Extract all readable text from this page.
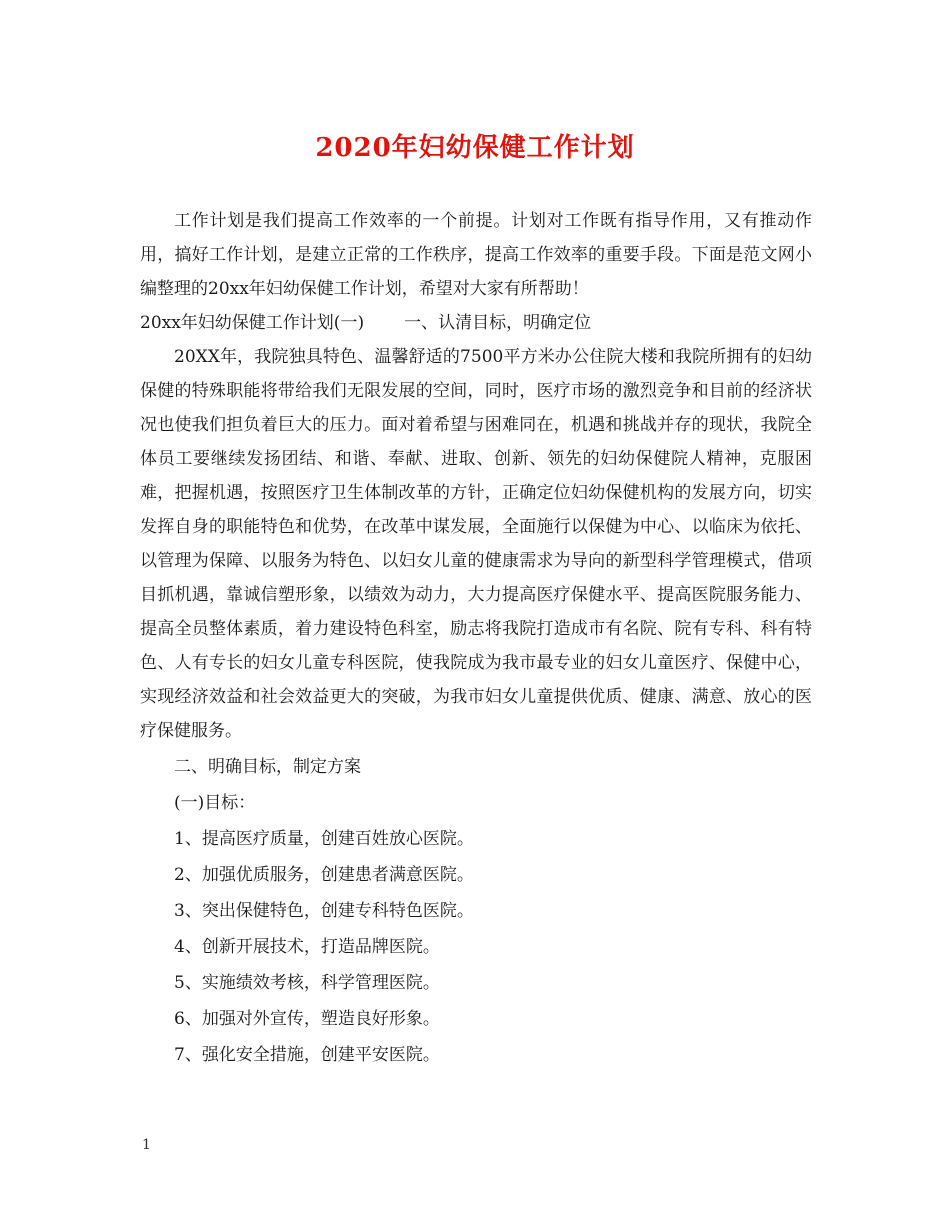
2020年妇幼保健工作计划

工作计划是我们提高工作效率的一个前提。计划对工作既有指导作用，又有推动作用，搞好工作计划，是建立正常的工作秩序，提高工作效率的重要手段。下面是范文网小编整理的20xx年妇幼保健工作计划，希望对大家有所帮助！

20xx年妇幼保健工作计划(一) 一、认清目标，明确定位

20XX年，我院独具特色、温馨舒适的7500平方米办公住院大楼和我院所拥有的妇幼保健的特殊职能将带给我们无限发展的空间，同时，医疗市场的激烈竞争和目前的经济状况也使我们担负着巨大的压力。面对着希望与困难同在，机遇和挑战并存的现状，我院全体员工要继续发扬团结、和谐、奉献、进取、创新、领先的妇幼保健院人精神，克服困难，把握机遇，按照医疗卫生体制改革的方针，正确定位妇幼保健机构的发展方向，切实发挥自身的职能特色和优势，在改革中谋发展，全面施行以保健为中心、以临床为依托、以管理为保障、以服务为特色、以妇女儿童的健康需求为导向的新型科学管理模式，借项目抓机遇，靠诚信塑形象，以绩效为动力，大力提高医疗保健水平、提高医院服务能力、提高全员整体素质，着力建设特色科室，励志将我院打造成市有名院、院有专科、科有特色、人有专长的妇女儿童专科医院，使我院成为我市最专业的妇女儿童医疗、保健中心，实现经济效益和社会效益更大的突破，为我市妇女儿童提供优质、健康、满意、放心的医疗保健服务。

二、明确目标，制定方案

(一)目标：

1、提高医疗质量，创建百姓放心医院。

2、加强优质服务，创建患者满意医院。

3、突出保健特色，创建专科特色医院。

4、创新开展技术，打造品牌医院。

5、实施绩效考核，科学管理医院。

6、加强对外宣传，塑造良好形象。

7、强化安全措施，创建平安医院。

1
